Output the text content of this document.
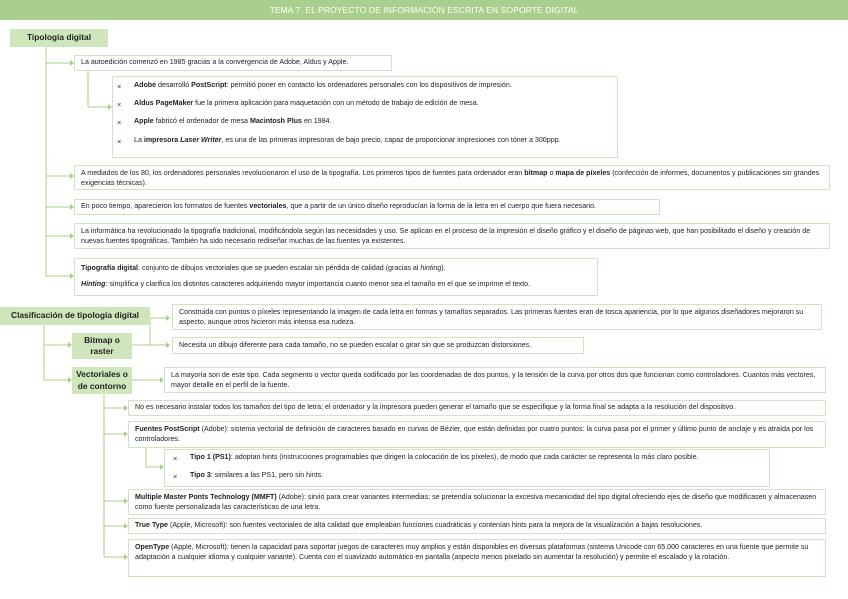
TEMA 7. EL PROYECTO DE INFORMACIÓN ESCRITA EN SOPORTE DIGITAL
Tipología digital
Clasificación de tipología digital
Bitmap o raster
Vectoriales o de contorno
La autoedición comenzó en 1985 gracias a la convergencia de Adobe, Aldus y Apple.
× Adobe desarrolló PostScript: permitió poner en contacto los ordenadores personales con los dispositivos de impresión.
× Aldus PageMaker fue la primera aplicación para maquetación con un método de trabajo de edición de mesa.
× Apple fabricó el ordenador de mesa Macintosh Plus en 1984.
× La impresora Laser Writer, es una de las primeras impresoras de bajo precio, capaz de proporcionar impresiones con tóner a 300ppp.
A mediados de los 80, los ordenadores personales revolucionaron el uso de la tipografía. Los primeros tipos de fuentes para ordenador eran bitmap o mapa de píxeles (confección de informes, documentos y publicaciones sin grandes exigencias técnicas).
En poco tiempo, aparecieron los formatos de fuentes vectoriales, que a partir de un único diseño reproducían la forma de la letra en el cuerpo que fuera necesario.
La informática ha revolucionado la tipografía tradicional, modificándola según las necesidades y uso. Se aplican en el proceso de la impresión el diseño gráfico y el diseño de páginas web, que han posibilitado el diseño y creación de nuevas fuentes tipográficas. También ha sido necesario rediseñar muchas de las fuentes ya existentes.
Tipografía digital: conjunto de dibujos vectoriales que se pueden escalar sin pérdida de calidad (gracias al hinting).
Hinting: simplifica y clarifica los distintos caracteres adquiriendo mayor importancia cuanto menor sea el tamaño en el que se imprime el texto.
Construida con puntos o píxeles representando la imagen de cada letra en formas y tamaños separados. Las primeras fuentes eran de tosca apariencia, por lo que algunos diseñadores mejoraron su aspecto, aunque otros hicieron más intensa esa rudeza.
Necesita un dibujo diferente para cada tamaño, no se pueden escalar o girar sin que se produzcan distorsiones.
La mayoría son de este tipo. Cada segmento o vector queda codificado por las coordenadas de dos puntos, y la tensión de la curva por otros dos que funcionan como controladores. Cuantos más vectores, mayor detalle en el perfil de la fuente.
No es necesario instalar todos los tamaños del tipo de letra; el ordenador y la impresora pueden generar el tamaño que se especifique y la forma final se adapta a la resolución del dispositivo.
Fuentes PostScript (Adobe): sistema vectorial de definición de caracteres basado en curvas de Bézier, que están definidas por cuatro puntos: la curva pasa por el primer y último punto de anclaje y es atraída por los controladores.
× Tipo 1 (PS1): adoptan hints (instrucciones programables que dirigen la colocación de los píxeles), de modo que cada carácter se representa lo más claro posible.
× Tipo 3: similares a las PS1, pero sin hints.
Multiple Master Ponts Technology (MMFT) (Adobe): sirvió para crear variantes intermedias; se pretendía solucionar la excesiva mecanicidad del tipo digital ofreciendo ejes de diseño que modificasen y almacenasen como fuente personalizada las características de una letra.
True Type (Apple, Microsoft): son fuentes vectoriales de alta calidad que empleaban funciones cuadráticas y contenían hints para la mejora de la visualización a bajas resoluciones.
OpenType (Apple, Microsoft): tienen la capacidad para soportar juegos de caracteres muy amplios y están disponibles en diversas plataformas (sistema Unicode con 65.000 caracteres en una fuente que permite su adaptación a cualquier idioma y cualquier variante). Cuenta con el suavizado automático en pantalla (aspecto menos pixelado sin aumentar la resolución) y permite el escalado y la rotación.
